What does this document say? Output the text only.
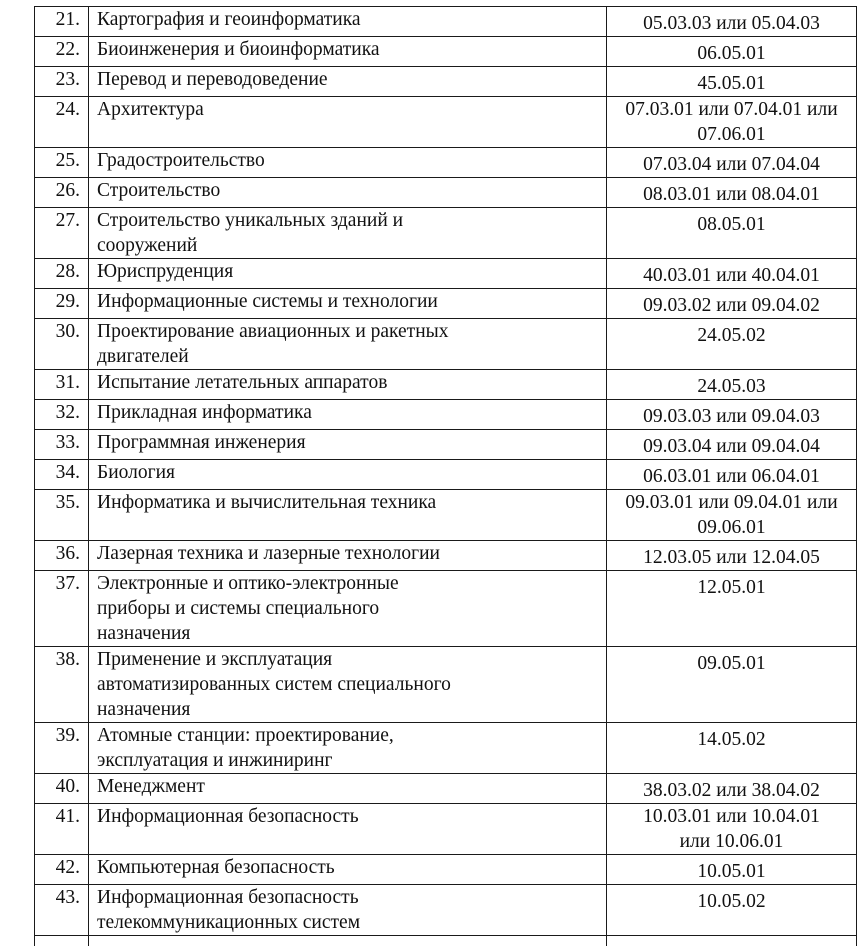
21.	Картография и геоинформатика	05.03.03 или 05.04.03

22.	Биоинженерия и биоинформатика	06.05.01

23.	Перевод и переводоведение	45.05.01

24.	Архитектура	07.03.01 или 07.04.01 или
07.06.01

25.	Градостроительство	07.03.04 или 07.04.04

26.	Строительство	08.03.01 или 08.04.01

27.	Строительство уникальных зданий и
сооружений	08.05.01

28.	Юриспруденция	40.03.01 или 40.04.01

29.	Информационные системы и технологии	09.03.02 или 09.04.02

30.	Проектирование авиационных и ракетных
двигателей	24.05.02

31.	Испытание летательных аппаратов	24.05.03

32.	Прикладная информатика	09.03.03 или 09.04.03

33.	Программная инженерия	09.03.04 или 09.04.04

34.	Биология	06.03.01 или 06.04.01

35.	Информатика и вычислительная техника	09.03.01 или 09.04.01 или
09.06.01

36.	Лазерная техника и лазерные технологии	12.03.05 или 12.04.05

37.	Электронные и оптико-электронные
приборы и системы специального
назначения	12.05.01

38.	Применение и эксплуатация
автоматизированных систем специального
назначения	09.05.01

39.	Атомные станции: проектирование,
эксплуатация и инжиниринг	14.05.02

40.	Менеджмент	38.03.02 или 38.04.02

41.	Информационная безопасность	10.03.01 или 10.04.01
или 10.06.01

42.	Компьютерная безопасность	10.05.01

43.	Информационная безопасность
телекоммуникационных систем	10.05.02
